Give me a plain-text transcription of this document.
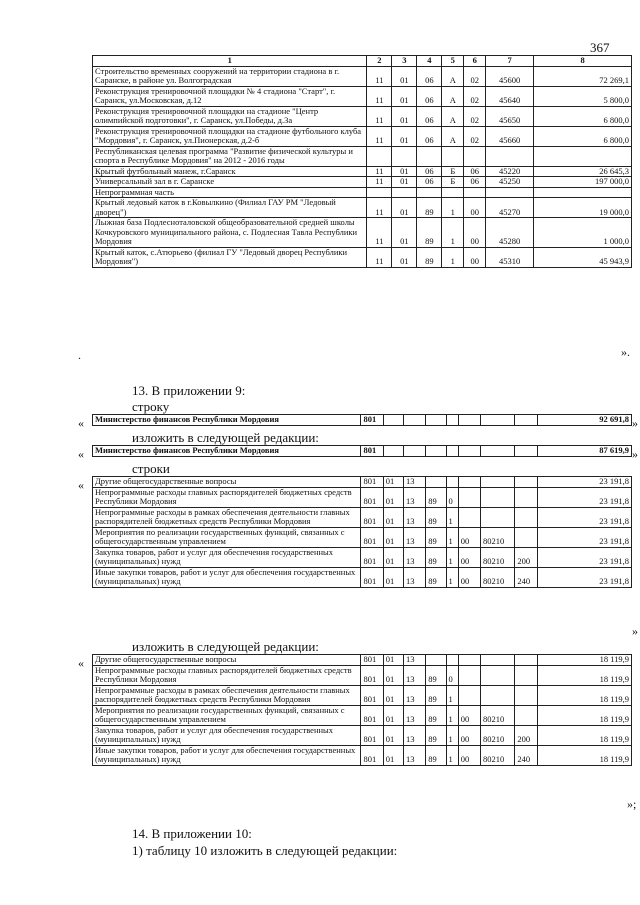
367
1	2	3	4	5	6	7	8
Строительство временных сооружений на территории стадиона в г. Саранске, в районе ул. Волгоградская	11	01	06	А	02	45600	72 269,1
Реконструкция тренировочной площадки № 4 стадиона "Старт", г. Саранск, ул.Московская, д.12	11	01	06	А	02	45640	5 800,0
Реконструкция тренировочной площадки на стадионе "Центр олимпийской подготовки", г. Саранск, ул.Победы, д.3а	11	01	06	А	02	45650	6 800,0
Реконструкция тренировочной площадки на стадионе футбольного клуба "Мордовия", г. Саранск, ул.Пионерская, д.2-б	11	01	06	А	02	45660	6 800,0
Республиканская целевая программа "Развитие физической культуры и спорта в Республике Мордовия" на 2012 - 2016 годы							
Крытый футбольный манеж, г.Саранск	11	01	06	Б	06	45220	26 645,3
Универсальный зал в г. Саранске	11	01	06	Б	06	45250	197 000,0
Непрограммная часть							
Крытый ледовый каток в г.Ковылкино (Филиал ГАУ РМ "Ледовый дворец")	11	01	89	1	00	45270	19 000,0
Лыжная база Подлесноталовской общеобразовательной средней школы Кочкуровского муниципального района, с. Подлесная Тавла Республики Мордовия	11	01	89	1	00	45280	1 000,0
Крытый каток, с.Атюрьево (филиал ГУ "Ледовый дворец Республики Мордовия")	11	01	89	1	00	45310	45 943,9
».
.
13. В приложении 9:
строку
« Министерство финансов Республики Мордовия	801								92 691,8 »
изложить в следующей редакции:
« Министерство финансов Республики Мордовия	801								87 619,9 »
строки
« Другие общегосударственные вопросы	801	01	13						23 191,8
Непрограммные расходы главных распорядителей бюджетных средств Республики Мордовия	801	01	13	89	0				23 191,8
Непрограммные расходы в рамках обеспечения деятельности главных распорядителей бюджетных средств Республики Мордовия	801	01	13	89	1				23 191,8
Мероприятия по реализации государственных функций, связанных с общегосударственным управлением	801	01	13	89	1	00	80210		23 191,8
Закупка товаров, работ и услуг для обеспечения государственных (муниципальных) нужд	801	01	13	89	1	00	80210	200	23 191,8
Иные закупки товаров, работ и услуг для обеспечения государственных (муниципальных) нужд	801	01	13	89	1	00	80210	240	23 191,8
»
изложить в следующей редакции:
« Другие общегосударственные вопросы	801	01	13						18 119,9
Непрограммные расходы главных распорядителей бюджетных средств Республики Мордовия	801	01	13	89	0				18 119,9
Непрограммные расходы в рамках обеспечения деятельности главных распорядителей бюджетных средств Республики Мордовия	801	01	13	89	1				18 119,9
Мероприятия по реализации государственных функций, связанных с общегосударственным управлением	801	01	13	89	1	00	80210		18 119,9
Закупка товаров, работ и услуг для обеспечения государственных (муниципальных) нужд	801	01	13	89	1	00	80210	200	18 119,9
Иные закупки товаров, работ и услуг для обеспечения государственных (муниципальных) нужд	801	01	13	89	1	00	80210	240	18 119,9
»;
14. В приложении 10:
1) таблицу 10 изложить в следующей редакции:
